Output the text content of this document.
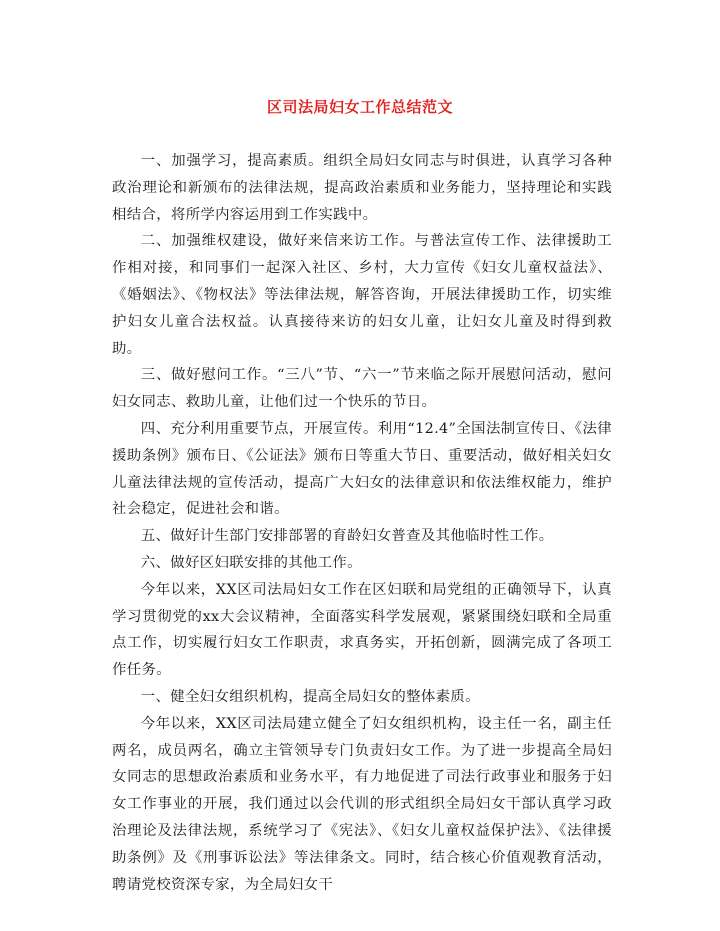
区司法局妇女工作总结范文

一、加强学习，提高素质。组织全局妇女同志与时俱进，认真学习各种政治理论和新颁布的法律法规，提高政治素质和业务能力，坚持理论和实践相结合，将所学内容运用到工作实践中。

二、加强维权建设，做好来信来访工作。与普法宣传工作、法律援助工作相对接，和同事们一起深入社区、乡村，大力宣传《妇女儿童权益法》、《婚姻法》、《物权法》等法律法规，解答咨询，开展法律援助工作，切实维护妇女儿童合法权益。认真接待来访的妇女儿童，让妇女儿童及时得到救助。

三、做好慰问工作。“三八”节、“六一”节来临之际开展慰问活动，慰问妇女同志、救助儿童，让他们过一个快乐的节日。

四、充分利用重要节点，开展宣传。利用“12.4”全国法制宣传日、《法律援助条例》颁布日、《公证法》颁布日等重大节日、重要活动，做好相关妇女儿童法律法规的宣传活动，提高广大妇女的法律意识和依法维权能力，维护社会稳定，促进社会和谐。

五、做好计生部门安排部署的育龄妇女普查及其他临时性工作。

六、做好区妇联安排的其他工作。

今年以来，XX区司法局妇女工作在区妇联和局党组的正确领导下，认真学习贯彻党的xx大会议精神，全面落实科学发展观，紧紧围绕妇联和全局重点工作，切实履行妇女工作职责，求真务实，开拓创新，圆满完成了各项工作任务。

一、健全妇女组织机构，提高全局妇女的整体素质。

今年以来，XX区司法局建立健全了妇女组织机构，设主任一名，副主任两名，成员两名，确立主管领导专门负责妇女工作。为了进一步提高全局妇女同志的思想政治素质和业务水平，有力地促进了司法行政事业和服务于妇女工作事业的开展，我们通过以会代训的形式组织全局妇女干部认真学习政治理论及法律法规，系统学习了《宪法》、《妇女儿童权益保护法》、《法律援助条例》及《刑事诉讼法》等法律条文。同时，结合核心价值观教育活动，聘请党校资深专家，为全局妇女干
